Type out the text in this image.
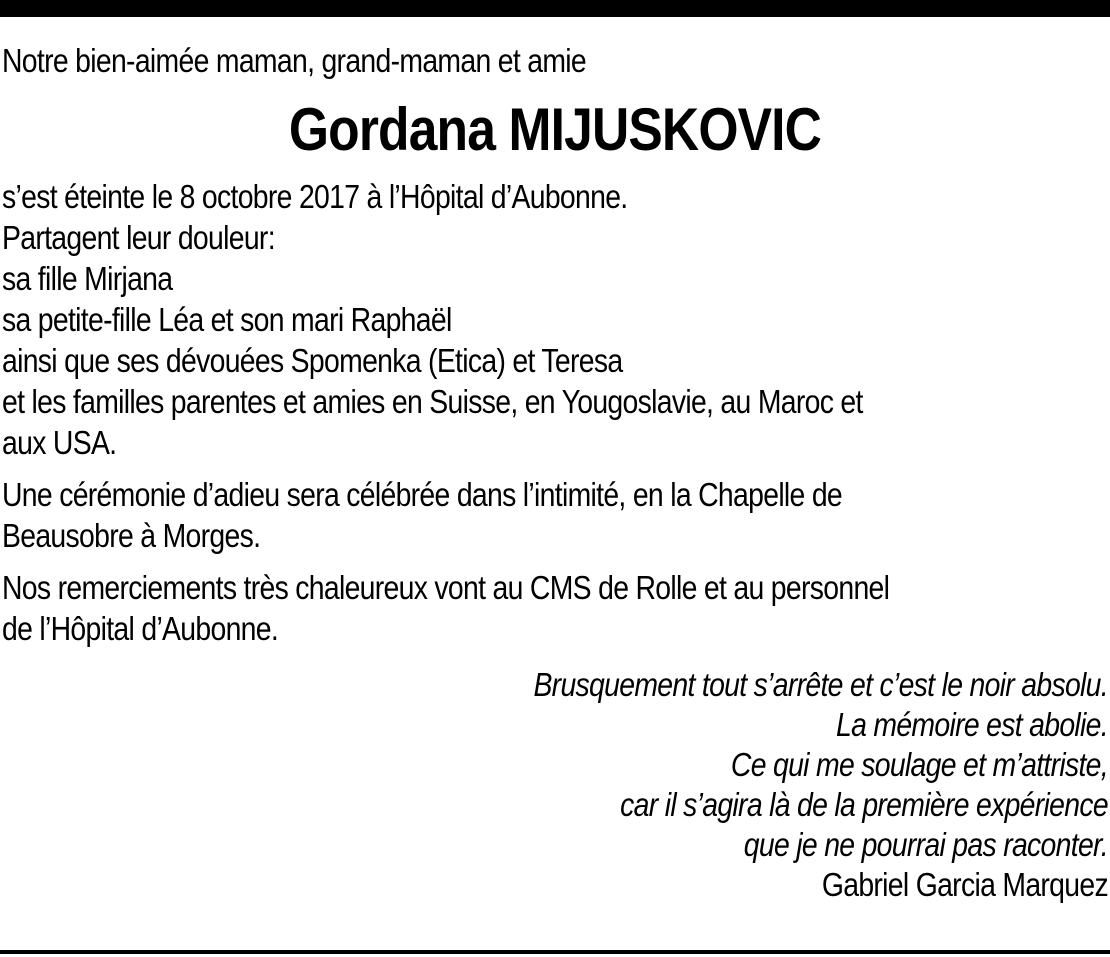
Notre bien-aimée maman, grand-maman et amie

Gordana MIJUSKOVIC

s’est éteinte le 8 octobre 2017 à l’Hôpital d’Aubonne.
Partagent leur douleur:
sa fille Mirjana
sa petite-fille Léa et son mari Raphaël
ainsi que ses dévouées Spomenka (Etica) et Teresa
et les familles parentes et amies en Suisse, en Yougoslavie, au Maroc et
aux USA.
Une cérémonie d’adieu sera célébrée dans l’intimité, en la Chapelle de
Beausobre à Morges.
Nos remerciements très chaleureux vont au CMS de Rolle et au personnel
de l’Hôpital d’Aubonne.
Brusquement tout s’arrête et c’est le noir absolu.
La mémoire est abolie.
Ce qui me soulage et m’attriste,
car il s’agira là de la première expérience
que je ne pourrai pas raconter.
Gabriel Garcia Marquez
